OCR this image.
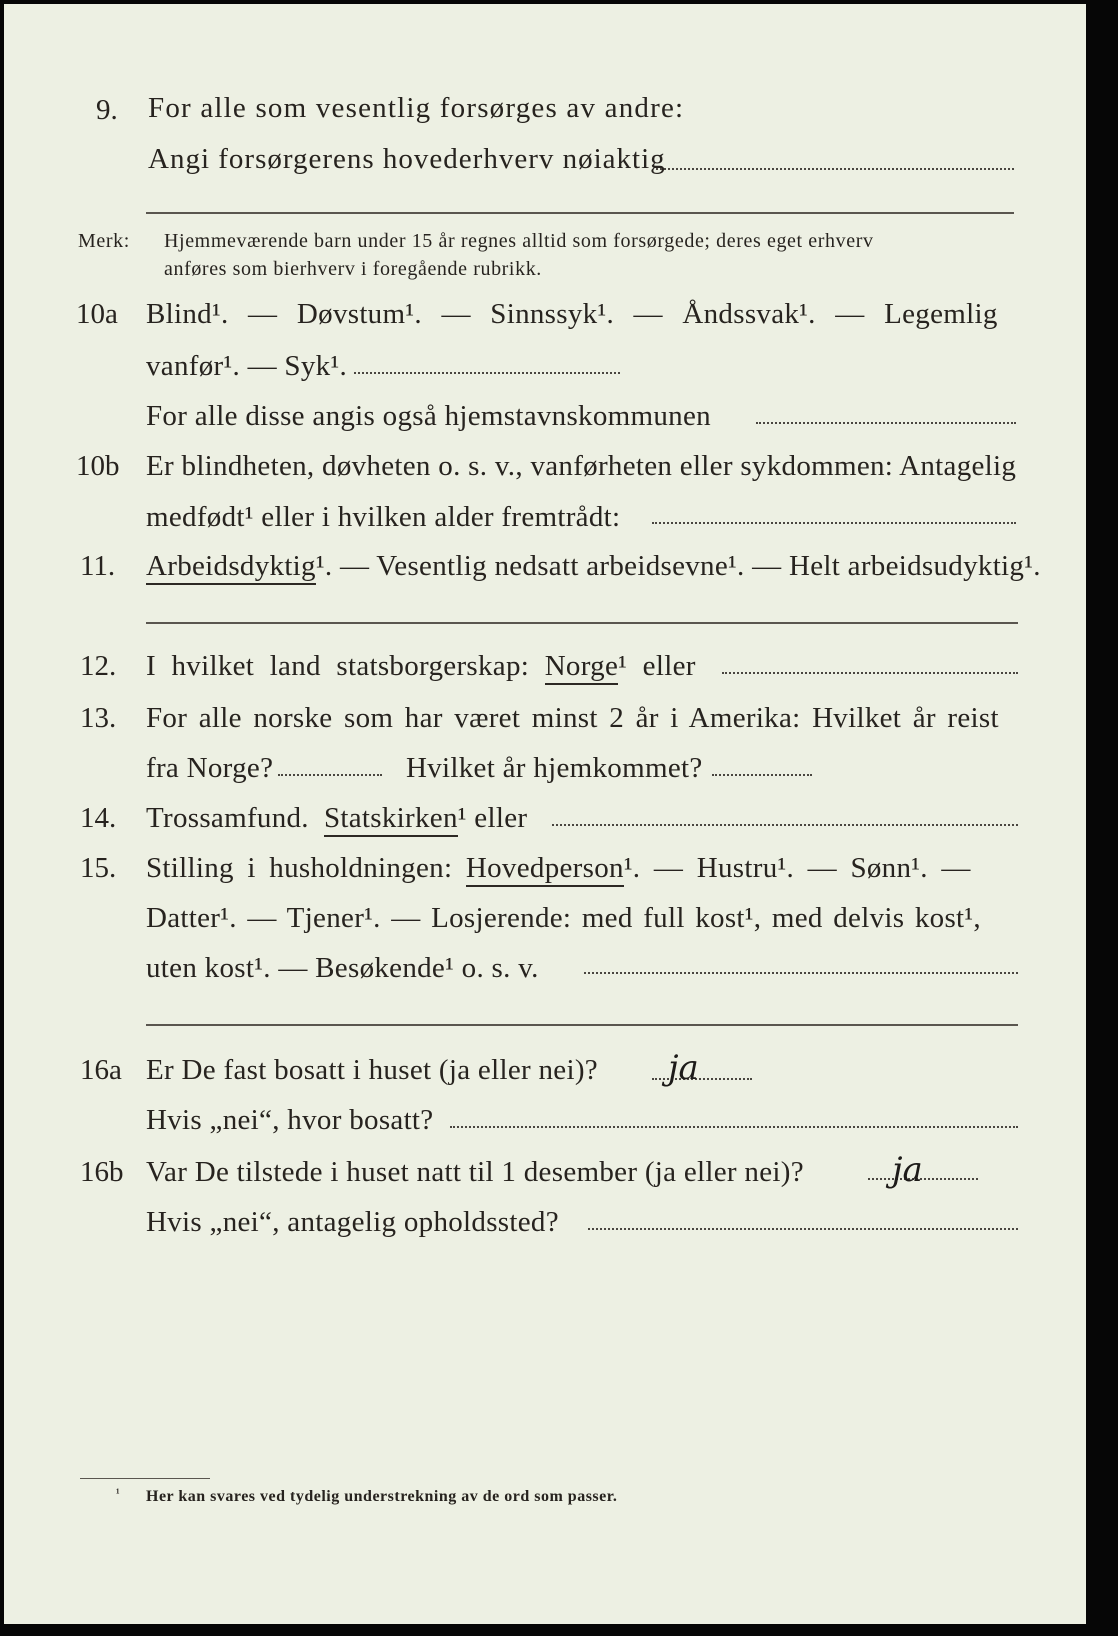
9. For alle som vesentlig forsørges av andre:
Angi forsørgerens hovederhverv nøiaktig
Merk: Hjemmeværende barn under 15 år regnes alltid som forsørgede; deres eget erhverv
anføres som bierhverv i foregående rubrikk.
10a Blind¹. — Døvstum¹. — Sinnssyk¹. — Åndssvak¹. — Legemlig
vanfør¹. — Syk¹.
For alle disse angis også hjemstavnskommunen
10b Er blindheten, døvheten o. s. v., vanførheten eller sykdommen: Antagelig
medfødt¹ eller i hvilken alder fremtrådt:
11. Arbeidsdyktig¹. — Vesentlig nedsatt arbeidsevne¹. — Helt arbeidsudyktig¹.
12. I hvilket land statsborgerskap: Norge¹ eller
13. For alle norske som har været minst 2 år i Amerika: Hvilket år reist
fra Norge?	Hvilket år hjemkommet?
14. Trossamfund. Statskirken¹ eller
15. Stilling i husholdningen: Hovedperson¹. — Hustru¹. — Sønn¹. —
Datter¹. — Tjener¹. — Losjerende: med full kost¹, med delvis kost¹,
uten kost¹. — Besøkende¹ o. s. v.
16a Er De fast bosatt i huset (ja eller nei)? ja
Hvis „nei“, hvor bosatt?
16b Var De tilstede i huset natt til 1 desember (ja eller nei)?	ja
Hvis „nei“, antagelig opholdssted?
¹ Her kan svares ved tydelig understrekning av de ord som passer.
